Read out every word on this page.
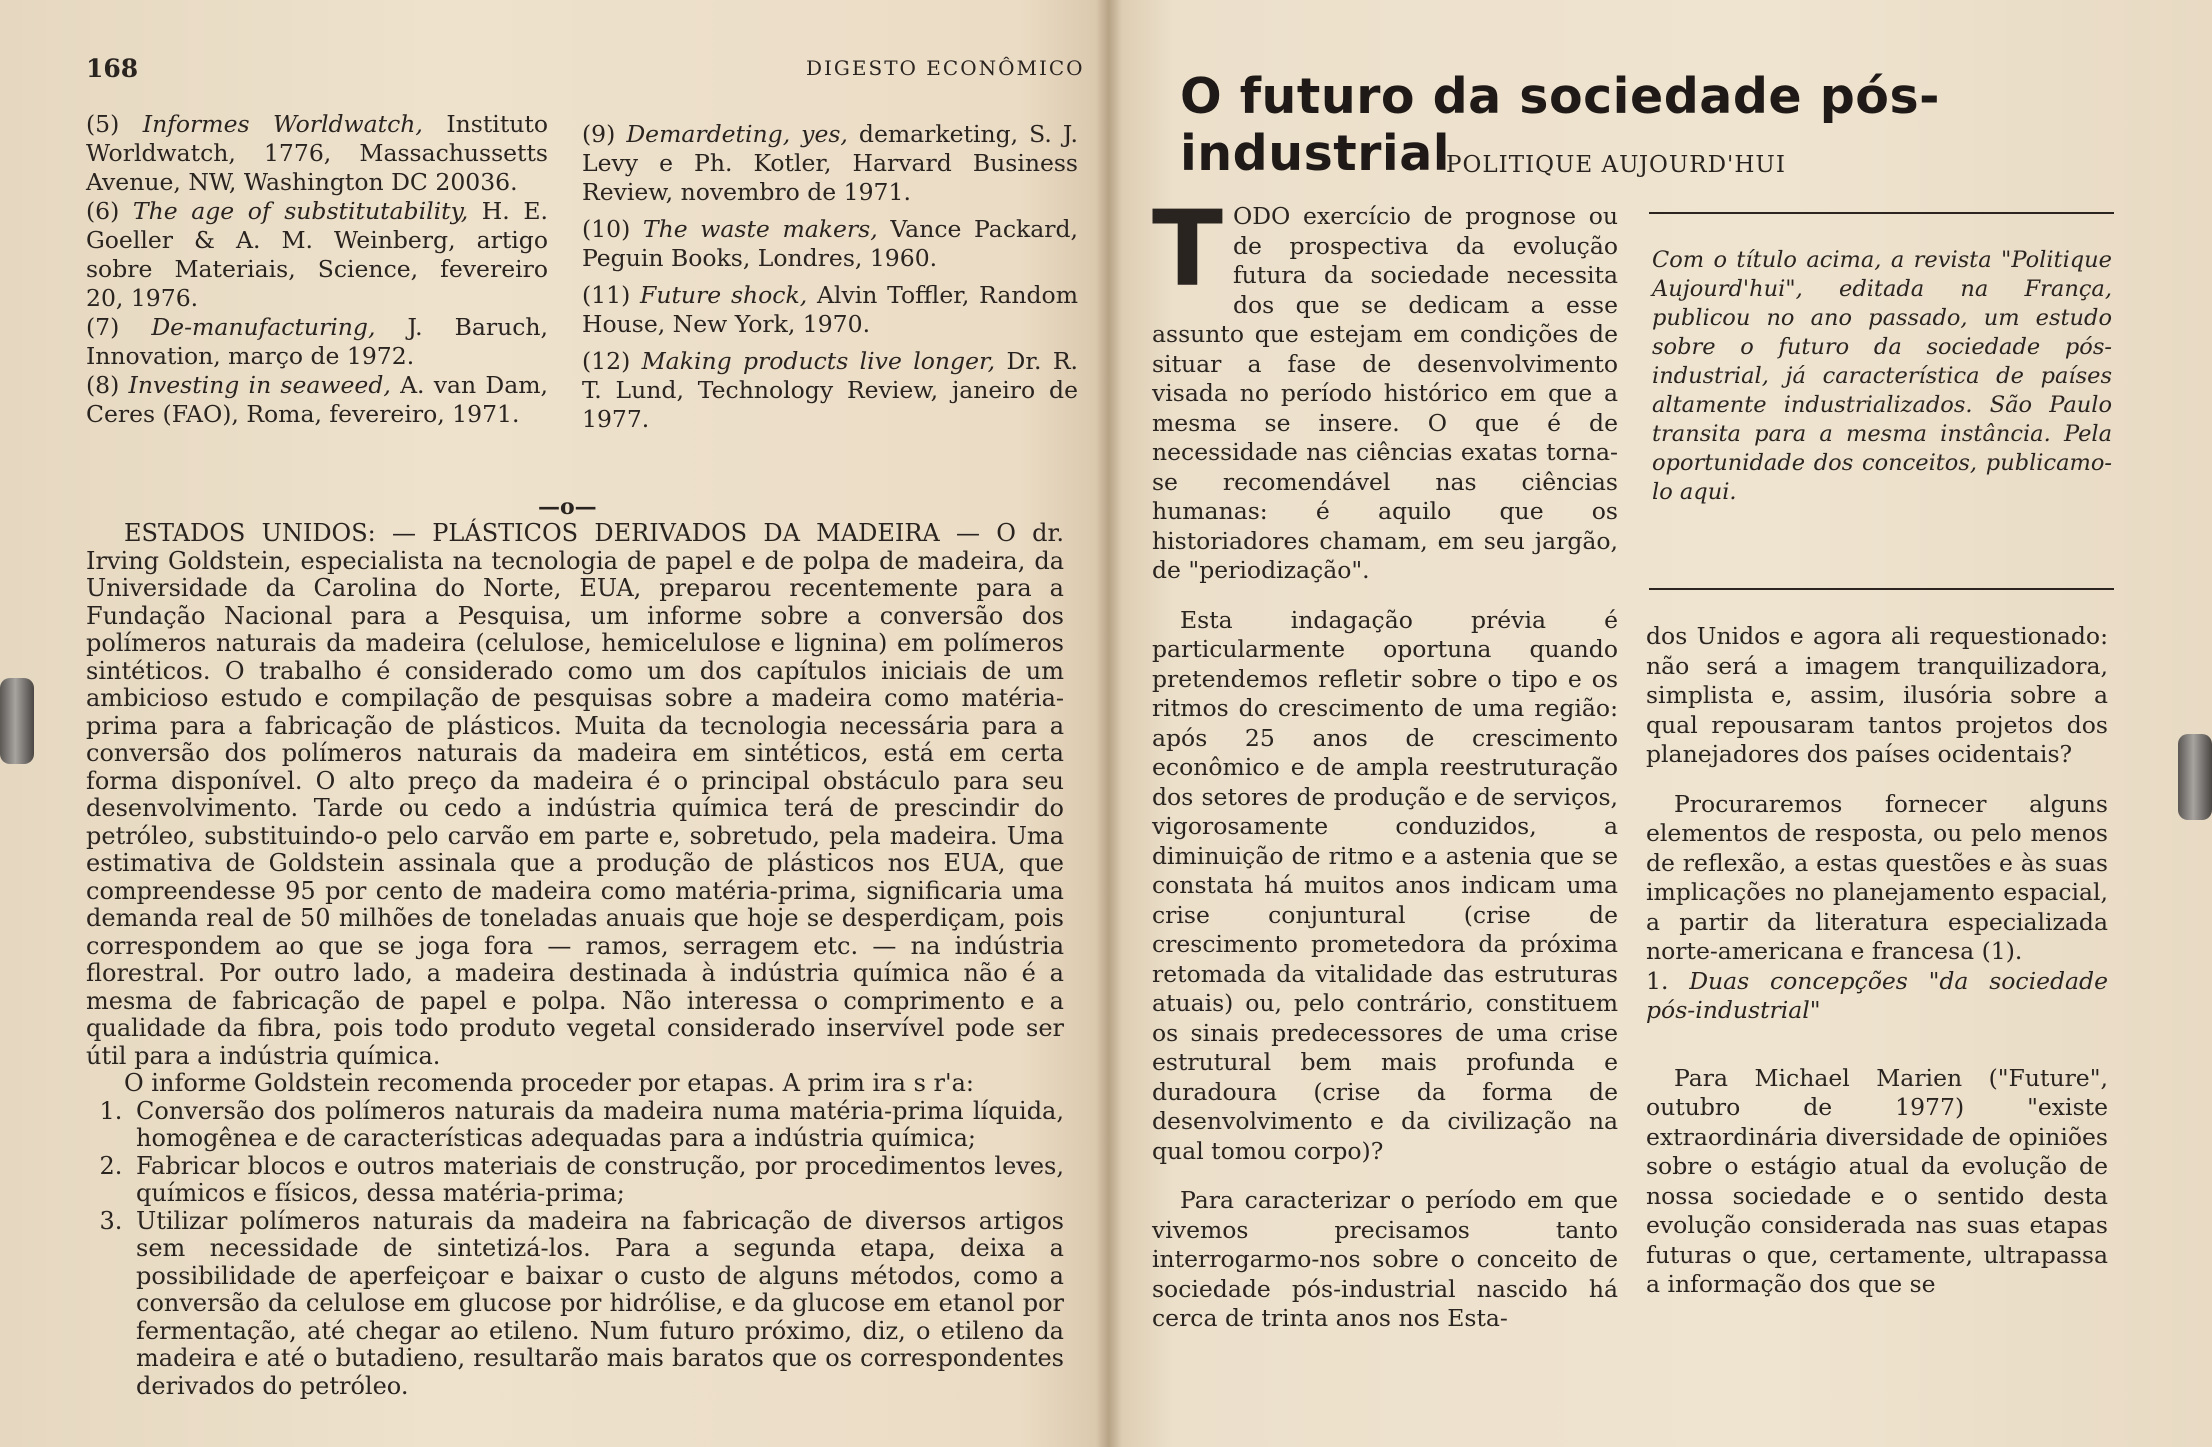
168	DIGESTO ECONÔMICO

(5) Informes Worldwatch, Instituto Worldwatch, 1776, Massachussetts Avenue, NW, Washington DC 20036.

(6) The age of substitutability, H. E. Goeller & A. M. Weinberg, artigo sobre Materiais, Science, fevereiro 20, 1976.

(7) De-manufacturing, J. Baruch, Innovation, março de 1972.

(8) Investing in seaweed, A. van Dam, Ceres (FAO), Roma, fevereiro, 1971.

(9) Demardeting, yes, demarketing, S. J. Levy e Ph. Kotler, Harvard Business Review, novembro de 1971.

(10) The waste makers, Vance Packard, Peguin Books, Londres, 1960.

(11) Future shock, Alvin Toffler, Random House, New York, 1970.

(12) Making products live longer, Dr. R. T. Lund, Technology Review, janeiro de 1977.

—o—

ESTADOS UNIDOS: — PLÁSTICOS DERIVADOS DA MADEIRA — O dr. Irving Goldstein, especialista na tecnologia de papel e de polpa de madeira, da Universidade da Carolina do Norte, EUA, preparou recentemente para a Fundação Nacional para a Pesquisa, um informe sobre a conversão dos polímeros naturais da madeira (celulose, hemicelulose e lignina) em polímeros sintéticos. O trabalho é considerado como um dos capítulos iniciais de um ambicioso estudo e compilação de pesquisas sobre a madeira como matéria-prima para a fabricação de plásticos. Muita da tecnologia necessária para a conversão dos polímeros naturais da madeira em sintéticos, está em certa forma disponível. O alto preço da madeira é o principal obstáculo para seu desenvolvimento. Tarde ou cedo a indústria química terá de prescindir do petróleo, substituindo-o pelo carvão em parte e, sobretudo, pela madeira. Uma estimativa de Goldstein assinala que a produção de plásticos nos EUA, que compreendesse 95 por cento de madeira como matéria-prima, significaria uma demanda real de 50 milhões de toneladas anuais que hoje se desperdiçam, pois correspondem ao que se joga fora — ramos, serragem etc. — na indústria florestral. Por outro lado, a madeira destinada à indústria química não é a mesma de fabricação de papel e polpa. Não interessa o comprimento e a qualidade da fibra, pois todo produto vegetal considerado inservível pode ser útil para a indústria química.

O informe Goldstein recomenda proceder por etapas. A prim ira s r'a:

1. Conversão dos polímeros naturais da madeira numa matéria-prima líquida, homogênea e de características adequadas para a indústria química;
2. Fabricar blocos e outros materiais de construção, por procedimentos leves, químicos e físicos, dessa matéria-prima;
3. Utilizar polímeros naturais da madeira na fabricação de diversos artigos sem necessidade de sintetizá-los. Para a segunda etapa, deixa a possibilidade de aperfeiçoar e baixar o custo de alguns métodos, como a conversão da celulose em glucose por hidrólise, e da glucose em etanol por fermentação, até chegar ao etileno. Num futuro próximo, diz, o etileno da madeira e até o butadieno, resultarão mais baratos que os correspondentes derivados do petróleo.
O futuro da sociedade pós-industrial
POLITIQUE AUJOURD'HUI

TODO exercício de prognose ou de prospectiva da evolução futura da sociedade necessita dos que se dedicam a esse assunto que estejam em condições de situar a fase de desenvolvimento visada no período histórico em que a mesma se insere. O que é de necessidade nas ciências exatas torna-se recomendável nas ciências humanas: é aquilo que os historiadores chamam, em seu jargão, de "periodização".

Esta indagação prévia é particularmente oportuna quando pretendemos refletir sobre o tipo e os ritmos do crescimento de uma região: após 25 anos de crescimento econômico e de ampla reestruturação dos setores de produção e de serviços, vigorosamente conduzidos, a diminuição de ritmo e a astenia que se constata há muitos anos indicam uma crise conjuntural (crise de crescimento prometedora da próxima retomada da vitalidade das estruturas atuais) ou, pelo contrário, constituem os sinais predecessores de uma crise estrutural bem mais profunda e duradoura (crise da forma de desenvolvimento e da civilização na qual tomou corpo)?

Para caracterizar o período em que vivemos precisamos tanto interrogarmo-nos sobre o conceito de sociedade pós-industrial nascido há cerca de trinta anos nos Esta-

Com o título acima, a revista "Politique Aujourd'hui", editada na França, publicou no ano passado, um estudo sobre o futuro da sociedade pós-industrial, já característica de países altamente industrializados. São Paulo transita para a mesma instância. Pela oportunidade dos conceitos, publicamo-lo aqui.

dos Unidos e agora ali requestionado: não será a imagem tranquilizadora, simplista e, assim, ilusória sobre a qual repousaram tantos projetos dos planejadores dos países ocidentais?

Procuraremos fornecer alguns elementos de resposta, ou pelo menos de reflexão, a estas questões e às suas implicações no planejamento espacial, a partir da literatura especializada norte-americana e francesa (1).

1. Duas concepções "da sociedade pós-industrial"

Para Michael Marien ("Future", outubro de 1977) "existe extraordinária diversidade de opiniões sobre o estágio atual da evolução de nossa sociedade e o sentido desta evolução considerada nas suas etapas futuras o que, certamente, ultrapassa a informação dos que se
